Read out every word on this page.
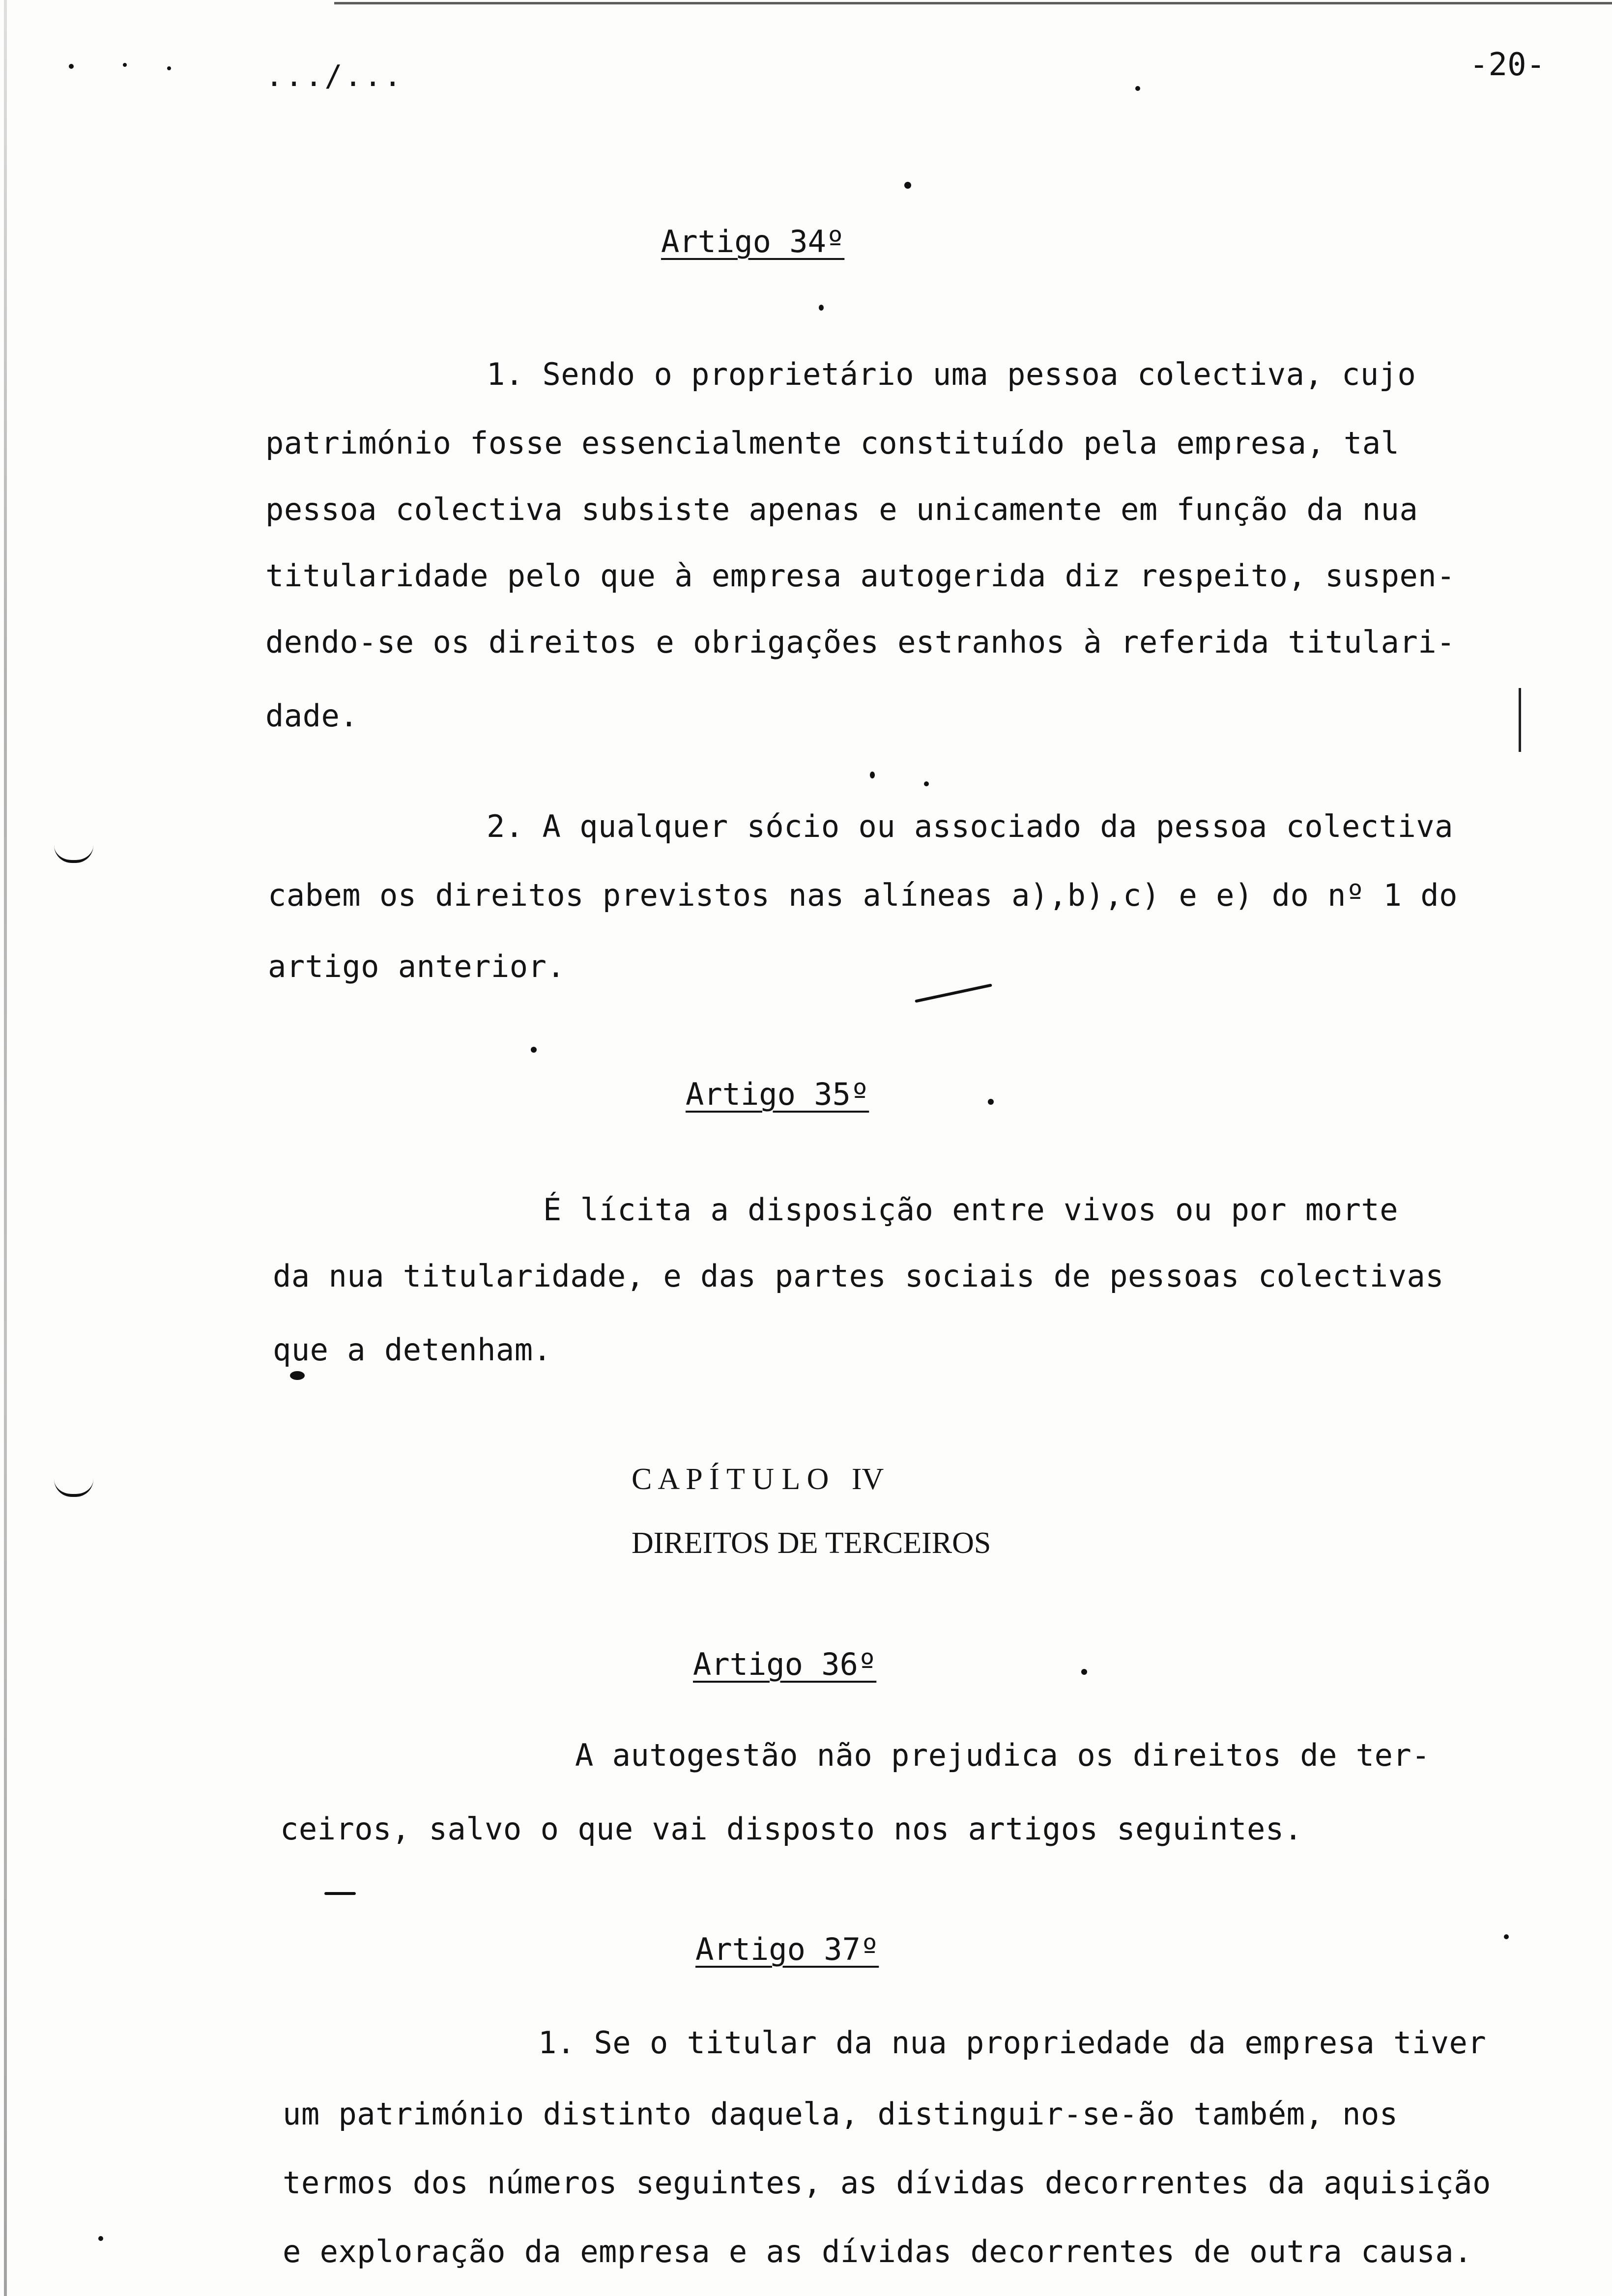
.../...	-20-
Artigo 34º
1. Sendo o proprietário uma pessoa colectiva, cujo
património fosse essencialmente constituído pela empresa, tal
pessoa colectiva subsiste apenas e unicamente em função da nua
titularidade pelo que à empresa autogerida diz respeito, suspen-
dendo-se os direitos e obrigações estranhos à referida titulari-
dade.
2. A qualquer sócio ou associado da pessoa colectiva
cabem os direitos previstos nas alíneas a),b),c) e e) do nº 1 do
artigo anterior.
Artigo 35º
É lícita a disposição entre vivos ou por morte
da nua titularidade, e das partes sociais de pessoas colectivas
que a detenham.
C A P Í T U L O   IV
DIREITOS DE TERCEIROS
Artigo 36º
A autogestão não prejudica os direitos de ter-
ceiros, salvo o que vai disposto nos artigos seguintes.
Artigo 37º
1. Se o titular da nua propriedade da empresa tiver
um património distinto daquela, distinguir-se-ão também, nos
termos dos números seguintes, as dívidas decorrentes da aquisição
e exploração da empresa e as dívidas decorrentes de outra causa.
